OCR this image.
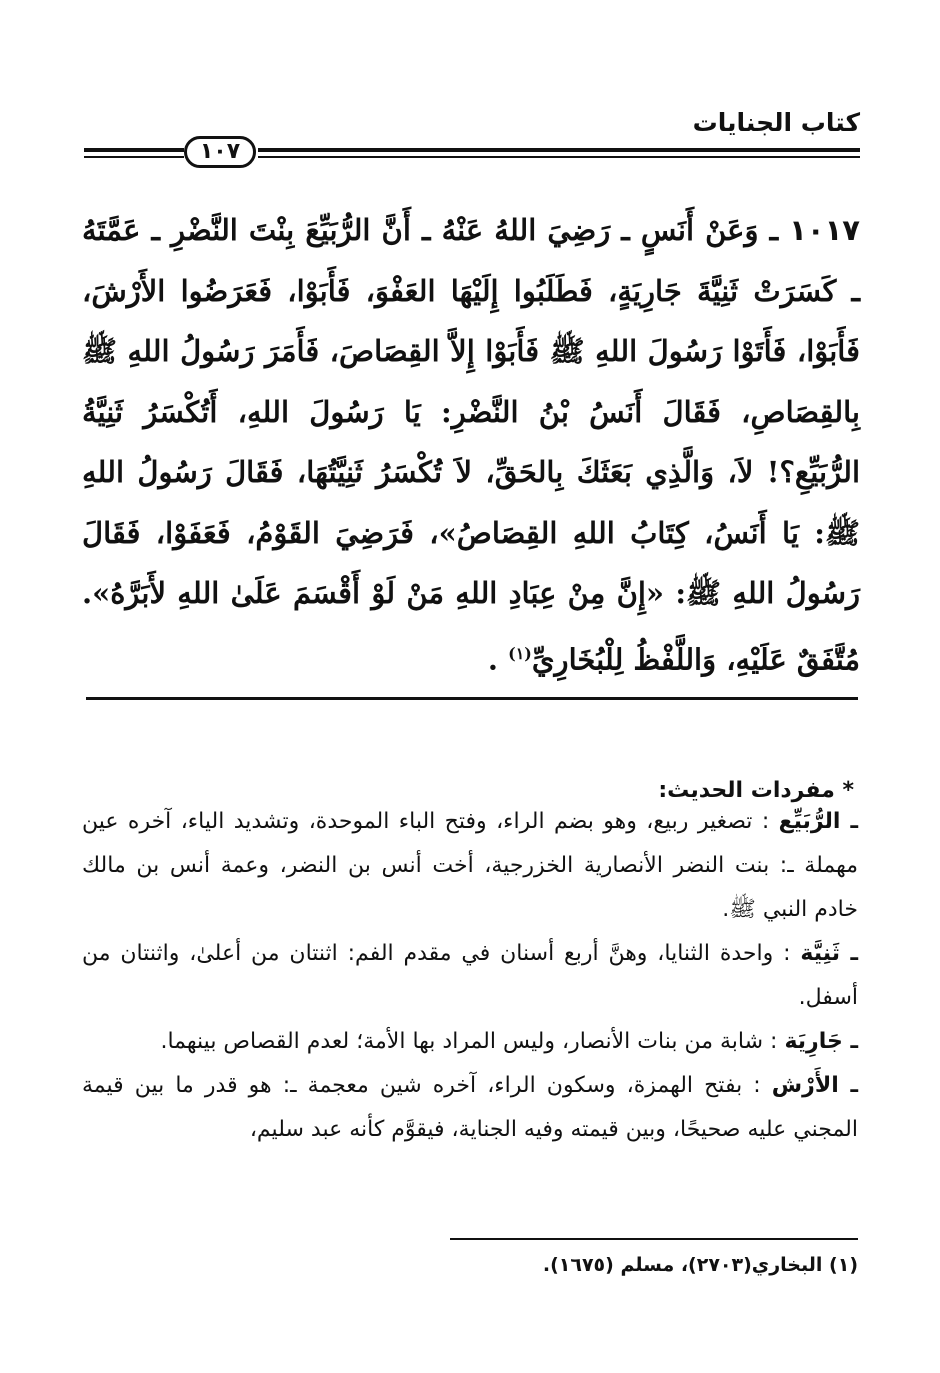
كتاب الجنايات
١٠٧
١٠١٧ ـ وَعَنْ أَنَسٍ ـ رَضِيَ اللهُ عَنْهُ ـ أَنَّ الرُّبَيِّعَ بِنْتَ النَّضْرِ ـ عَمَّتَهُ ـ كَسَرَتْ ثَنِيَّةَ جَارِيَةٍ، فَطَلَبُوا إِلَيْهَا العَفْوَ، فَأَبَوْا، فَعَرَضُوا الأَرْشَ، فَأَبَوْا، فَأَتَوْا رَسُولَ اللهِ ﷺ فَأَبَوْا إِلاَّ القِصَاصَ، فَأَمَرَ رَسُولُ اللهِ ﷺ بِالقِصَاصِ، فَقَالَ أَنَسُ بْنُ النَّضْرِ: يَا رَسُولَ اللهِ، أَتُكْسَرُ ثَنِيَّةُ الرُّبَيِّعِ؟! لاَ، وَالَّذِي بَعَثَكَ بِالحَقِّ، لاَ تُكْسَرُ ثَنِيَّتُهَا، فَقَالَ رَسُولُ اللهِ ﷺ: يَا أَنَسُ، كِتَابُ اللهِ القِصَاصُ»، فَرَضِيَ القَوْمُ، فَعَفَوْا، فَقَالَ رَسُولُ اللهِ ﷺ: «إِنَّ مِنْ عِبَادِ اللهِ مَنْ لَوْ أَقْسَمَ عَلَىٰ اللهِ لأَبَرَّهُ». مُتَّفَقٌ عَلَيْهِ، وَاللَّفْظُ لِلْبُخَارِيِّ$^{(١)}$ .
* مفردات الحديث:
ـ الرُّبَيِّع : تصغير ربيع، وهو بضم الراء، وفتح الباء الموحدة، وتشديد الياء، آخره عين مهملة ـ: بنت النضر الأنصارية الخزرجية، أخت أنس بن النضر، وعمة أنس بن مالك خادم النبي ﷺ.
ـ ثَنِيَّة : واحدة الثنايا، وهنَّ أربع أسنان في مقدم الفم: اثنتان من أعلىٰ، واثنتان من أسفل.
ـ جَارِيَة : شابة من بنات الأنصار، وليس المراد بها الأمة؛ لعدم القصاص بينهما.
ـ الأَرْش : بفتح الهمزة، وسكون الراء، آخره شين معجمة ـ: هو قدر ما بين قيمة المجني عليه صحيحًا، وبين قيمته وفيه الجناية، فيقوَّم كأنه عبد سليم،
(١) البخاري(٢٧٠٣)، مسلم (١٦٧٥).
